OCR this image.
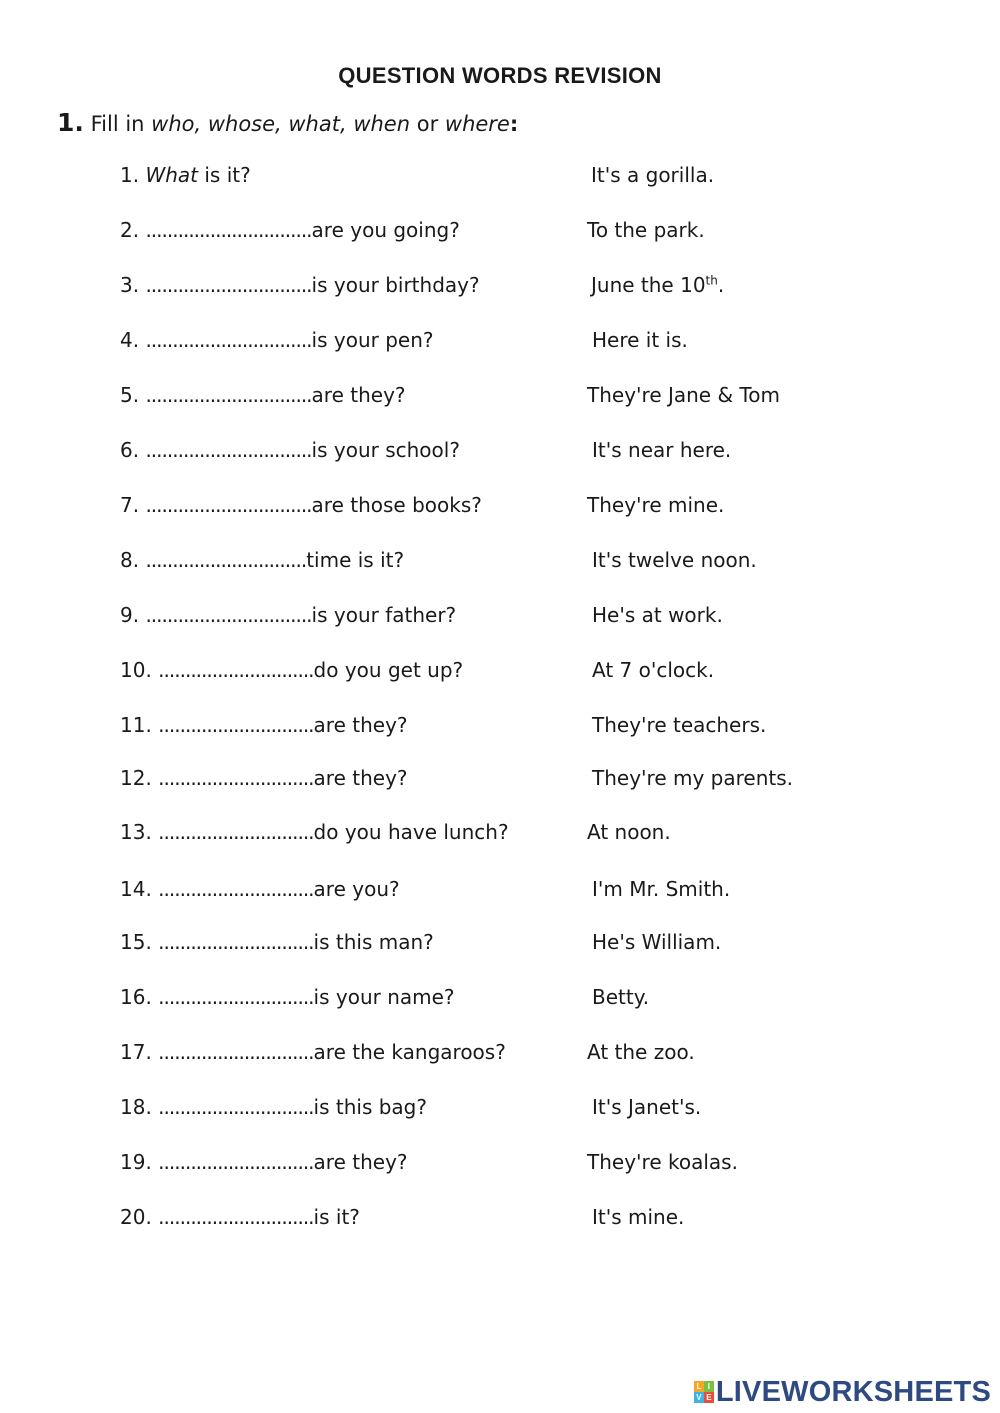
QUESTION WORDS REVISION
1. Fill in who, whose, what, when or where:
1. What is it?	It's a gorilla.
2. ...............................are you going?	To the park.
3. ...............................is your birthday?	June the 10th.
4. ...............................is your pen?	Here it is.
5. ...............................are they?	They're Jane & Tom
6. ...............................is your school?	It's near here.
7. ...............................are those books?	They're mine.
8. ..............................time is it?	It's twelve noon.
9. ...............................is your father?	He's at work.
10. .............................do you get up?	At 7 o'clock.
11. .............................are they?	They're teachers.
12. .............................are they?	They're my parents.
13. .............................do you have lunch?	At noon.
14. .............................are you?	I'm Mr. Smith.
15. .............................is this man?	He's William.
16. .............................is your name?	Betty.
17. .............................are the kangaroos?	At the zoo.
18. .............................is this bag?	It's Janet's.
19. .............................are they?	They're koalas.
20. .............................is it?	It's mine.
L I
V E LIVEWORKSHEETS
